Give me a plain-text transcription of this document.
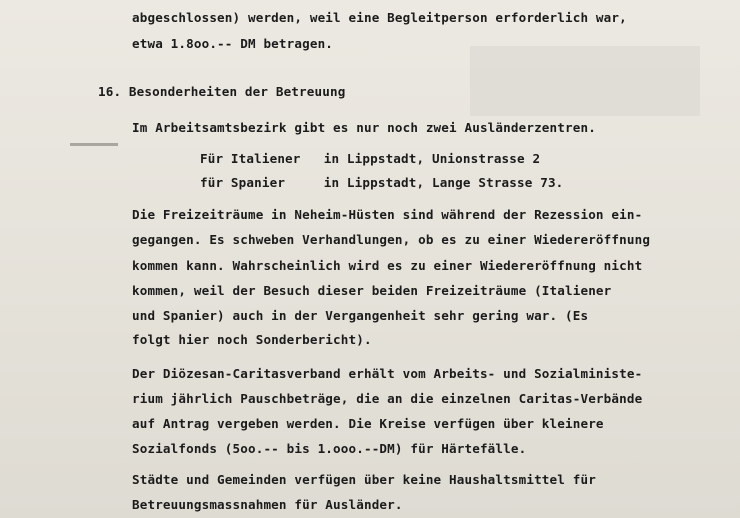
abgeschlossen) werden, weil eine Begleitperson erforderlich war,
etwa 1.8oo.-- DM betragen.
16. Besonderheiten der Betreuung
Im Arbeitsamtsbezirk gibt es nur noch zwei Ausländerzentren.
Für Italiener   in Lippstadt, Unionstrasse 2
für Spanier     in Lippstadt, Lange Strasse 73.
Die Freizeiträume in Neheim-Hüsten sind während der Rezession ein-
gegangen. Es schweben Verhandlungen, ob es zu einer Wiedereröffnung
kommen kann. Wahrscheinlich wird es zu einer Wiedereröffnung nicht
kommen, weil der Besuch dieser beiden Freizeiträume (Italiener
und Spanier) auch in der Vergangenheit sehr gering war. (Es
folgt hier noch Sonderbericht).
Der Diözesan-Caritasverband erhält vom Arbeits- und Sozialministe-
rium jährlich Pauschbeträge, die an die einzelnen Caritas-Verbände
auf Antrag vergeben werden. Die Kreise verfügen über kleinere
Sozialfonds (5oo.-- bis 1.ooo.--DM) für Härtefälle.
Städte und Gemeinden verfügen über keine Haushaltsmittel für
Betreuungsmassnahmen für Ausländer.
